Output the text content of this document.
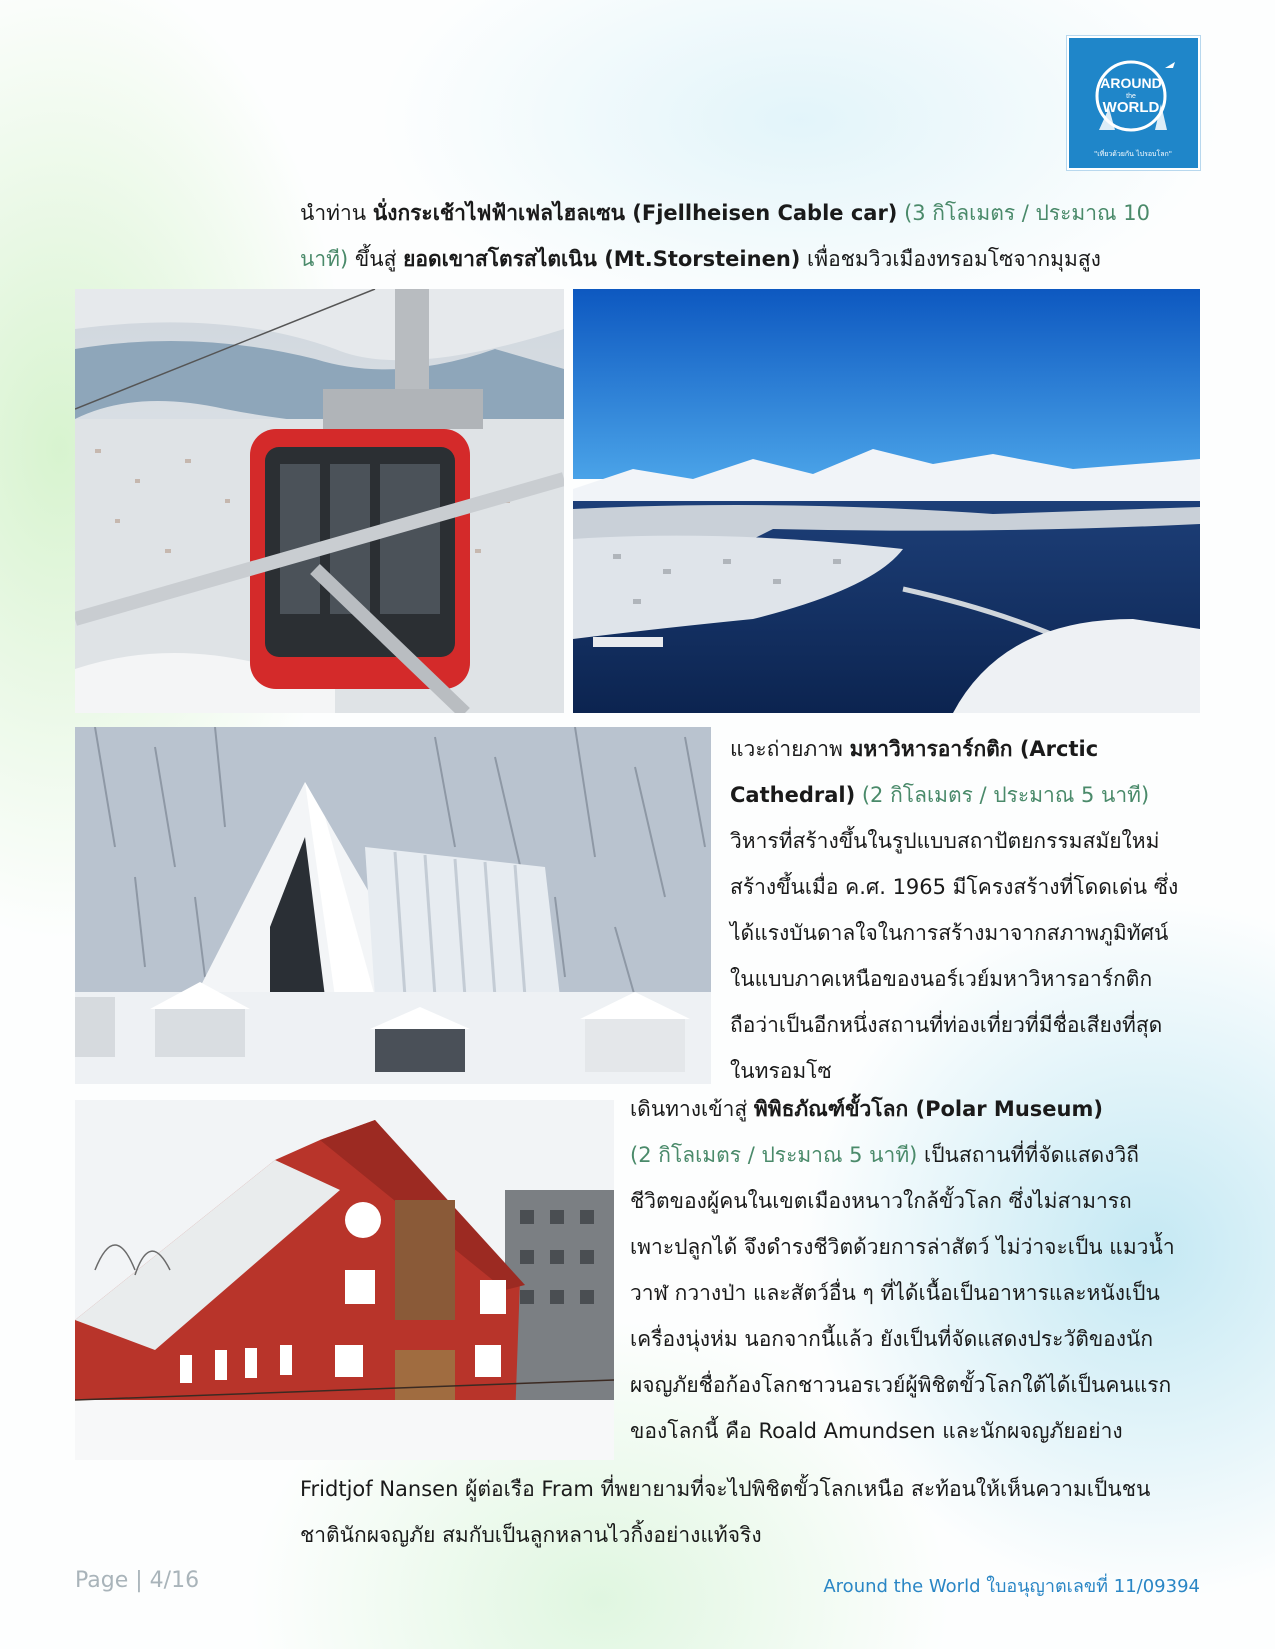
AROUND
the
WORLD
"เที่ยวด้วยกัน ไปรอบโลก"
นำท่าน นั่งกระเช้าไฟฟ้าเฟลไฮลเซน (Fjellheisen Cable car) (3 กิโลเมตร / ประมาณ 10
นาที) ขึ้นสู่ ยอดเขาสโตรสไตเนิน (Mt.Storsteinen) เพื่อชมวิวเมืองทรอมโซจากมุมสูง
แวะถ่ายภาพ มหาวิหารอาร์กติก (Arctic
Cathedral) (2 กิโลเมตร / ประมาณ 5 นาที)
วิหารที่สร้างขึ้นในรูปแบบสถาปัตยกรรมสมัยใหม่
สร้างขึ้นเมื่อ ค.ศ. 1965 มีโครงสร้างที่โดดเด่น ซึ่ง
ได้แรงบันดาลใจในการสร้างมาจากสภาพภูมิทัศน์
ในแบบภาคเหนือของนอร์เวย์มหาวิหารอาร์กติก
ถือว่าเป็นอีกหนึ่งสถานที่ท่องเที่ยวที่มีชื่อเสียงที่สุด
ในทรอมโซ
เดินทางเข้าสู่ พิพิธภัณฑ์ขั้วโลก (Polar Museum)
(2 กิโลเมตร / ประมาณ 5 นาที) เป็นสถานที่ที่จัดแสดงวิถี
ชีวิตของผู้คนในเขตเมืองหนาวใกล้ขั้วโลก ซึ่งไม่สามารถ
เพาะปลูกได้ จึงดำรงชีวิตด้วยการล่าสัตว์ ไม่ว่าจะเป็น แมวน้ำ
วาฬ กวางป่า และสัตว์อื่น ๆ ที่ได้เนื้อเป็นอาหารและหนังเป็น
เครื่องนุ่งห่ม นอกจากนี้แล้ว ยังเป็นที่จัดแสดงประวัติของนัก
ผจญภัยชื่อก้องโลกชาวนอรเวย์ผู้พิชิตขั้วโลกใต้ได้เป็นคนแรก
ของโลกนี้ คือ Roald Amundsen และนักผจญภัยอย่าง
Fridtjof Nansen ผู้ต่อเรือ Fram ที่พยายามที่จะไปพิชิตขั้วโลกเหนือ สะท้อนให้เห็นความเป็นชน
ชาตินักผจญภัย สมกับเป็นลูกหลานไวกิ้งอย่างแท้จริง
Page | 4/16	Around the World ใบอนุญาตเลขที่ 11/09394
